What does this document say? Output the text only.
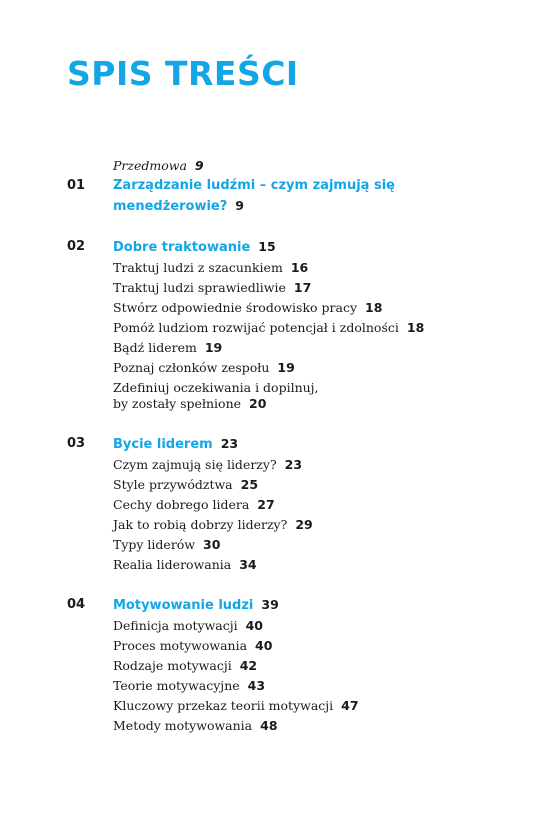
SPIS TREŚCI
Przedmowa 9
01 Zarządzanie ludźmi – czym zajmują się menedżerowie? 9
02 Dobre traktowanie 15
Traktuj ludzi z szacunkiem 16
Traktuj ludzi sprawiedliwie 17
Stwórz odpowiednie środowisko pracy 18
Pomóż ludziom rozwijać potencjał i zdolności 18
Bądź liderem 19
Poznaj członków zespołu 19
Zdefiniuj oczekiwania i dopilnuj,
by zostały spełnione 20
03 Bycie liderem 23
Czym zajmują się liderzy? 23
Style przywództwa 25
Cechy dobrego lidera 27
Jak to robią dobrzy liderzy? 29
Typy liderów 30
Realia liderowania 34
04 Motywowanie ludzi 39
Definicja motywacji 40
Proces motywowania 40
Rodzaje motywacji 42
Teorie motywacyjne 43
Kluczowy przekaz teorii motywacji 47
Metody motywowania 48
